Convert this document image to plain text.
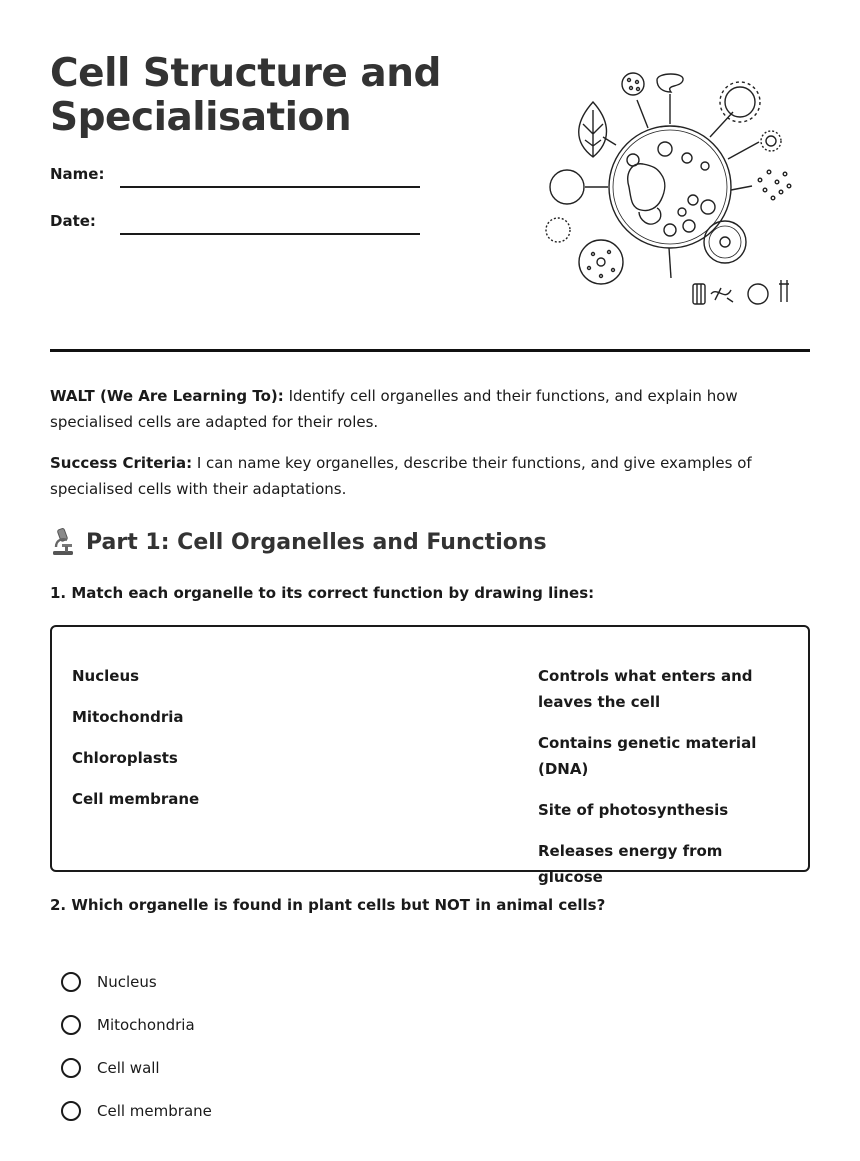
Cell Structure and
Specialisation
Name:
Date:
WALT (We Are Learning To): Identify cell organelles and their functions, and explain how specialised cells are adapted for their roles.
Success Criteria: I can name key organelles, describe their functions, and give examples of specialised cells with their adaptations.
Part 1: Cell Organelles and Functions
1. Match each organelle to its correct function by drawing lines:
Nucleus
Mitochondria
Chloroplasts
Cell membrane
Controls what enters and leaves the cell
Contains genetic material (DNA)
Site of photosynthesis
Releases energy from glucose
2. Which organelle is found in plant cells but NOT in animal cells?
Nucleus
Mitochondria
Cell wall
Cell membrane
